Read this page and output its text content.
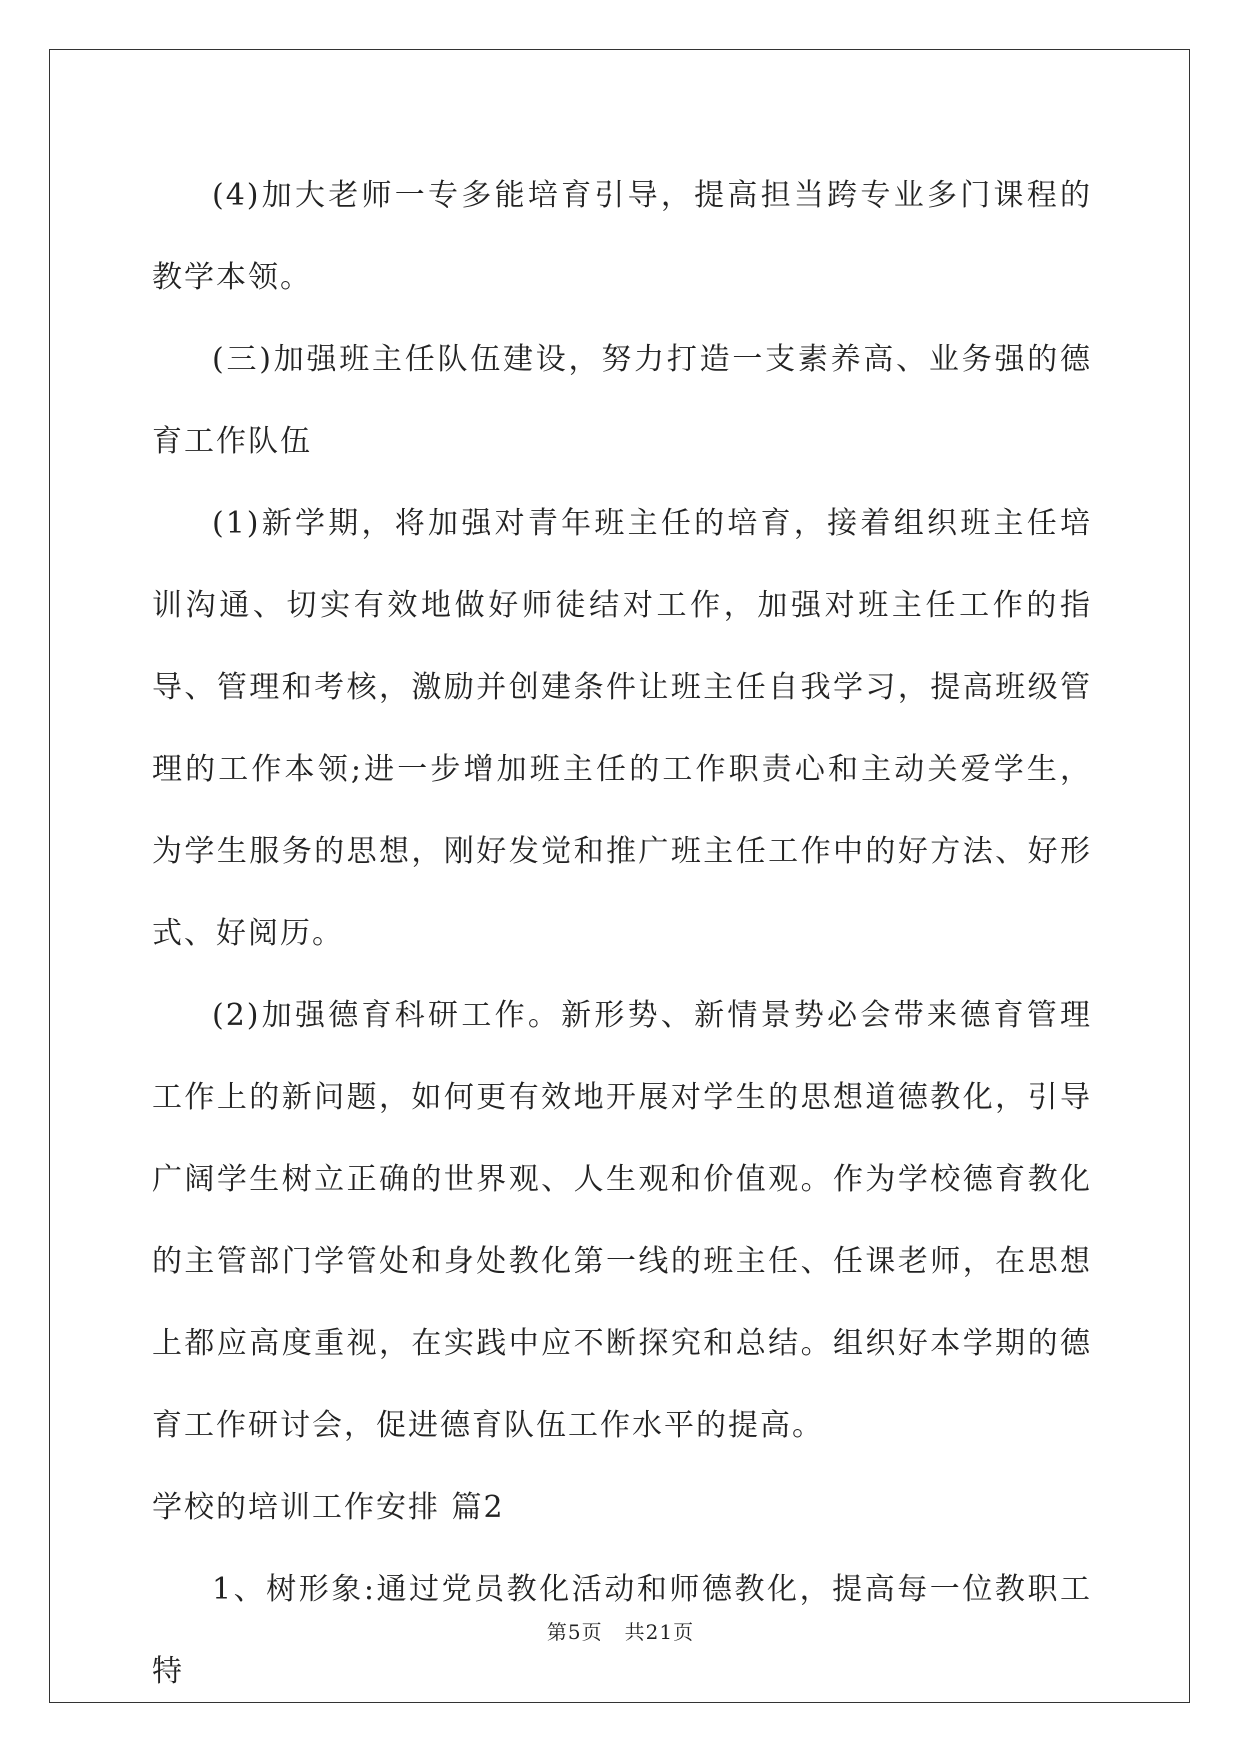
(4)加大老师一专多能培育引导，提高担当跨专业多门课程的教学本领。

(三)加强班主任队伍建设，努力打造一支素养高、业务强的德育工作队伍

(1)新学期，将加强对青年班主任的培育，接着组织班主任培训沟通、切实有效地做好师徒结对工作，加强对班主任工作的指导、管理和考核，激励并创建条件让班主任自我学习，提高班级管理的工作本领;进一步增加班主任的工作职责心和主动关爱学生，为学生服务的思想，刚好发觉和推广班主任工作中的好方法、好形式、好阅历。

(2)加强德育科研工作。新形势、新情景势必会带来德育管理工作上的新问题，如何更有效地开展对学生的思想道德教化，引导广阔学生树立正确的世界观、人生观和价值观。作为学校德育教化的主管部门学管处和身处教化第一线的班主任、任课老师，在思想上都应高度重视，在实践中应不断探究和总结。组织好本学期的德育工作研讨会，促进德育队伍工作水平的提高。

学校的培训工作安排 篇2

1、树形象:通过党员教化活动和师德教化，提高每一位教职工特

第5页 共21页
